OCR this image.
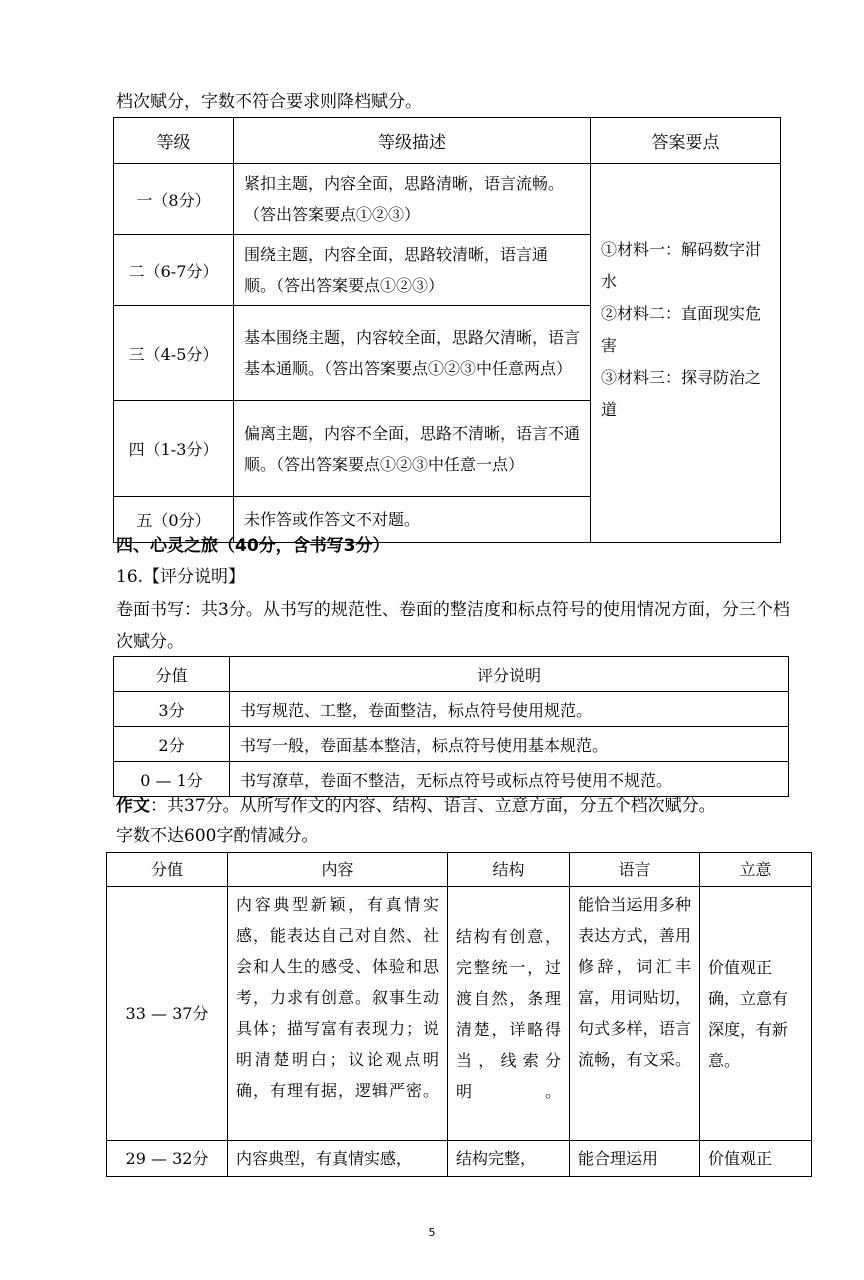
档次赋分，字数不符合要求则降档赋分。
等级	等级描述	答案要点
一（8分）	紧扣主题，内容全面，思路清晰，语言流畅。（答出答案要点①②③）	①材料一：解码数字泔水
②材料二：直面现实危害
③材料三：探寻防治之道

二（6-7分）	围绕主题，内容全面，思路较清晰，语言通顺。（答出答案要点①②③）	
三（4-5分）	基本围绕主题，内容较全面，思路欠清晰，语言基本通顺。（答出答案要点①②③中任意两点）	
四（1-3分）	偏离主题，内容不全面，思路不清晰，语言不通顺。（答出答案要点①②③中任意一点）	
五（0分）	未作答或作答文不对题。	
四、心灵之旅（40分，含书写3分）
16.【评分说明】
卷面书写：共3分。从书写的规范性、卷面的整洁度和标点符号的使用情况方面，分三个档次赋分。
分值	评分说明
3分	书写规范、工整，卷面整洁，标点符号使用规范。
2分	书写一般，卷面基本整洁，标点符号使用基本规范。
0 — 1分	书写潦草，卷面不整洁，无标点符号或标点符号使用不规范。
作文：共37分。从所写作文的内容、结构、语言、立意方面，分五个档次赋分。
字数不达600字酌情减分。
分值	内容	结构	语言	立意
33 — 37分	内容典型新颖，有真情实感，能表达自己对自然、社会和人生的感受、体验和思考，力求有创意。叙事生动具体；描写富有表现力；说明清楚明白；议论观点明确，有理有据，逻辑严密。	结构有创意，完整统一，过渡自然，条理清楚，详略得当，线索分明。	能恰当运用多种表达方式，善用修辞，词汇丰富，用词贴切，句式多样，语言流畅，有文采。	价值观正确，立意有深度，有新意。
29 — 32分	内容典型，有真情实感，	结构完整，	能合理运用	价值观正
5
